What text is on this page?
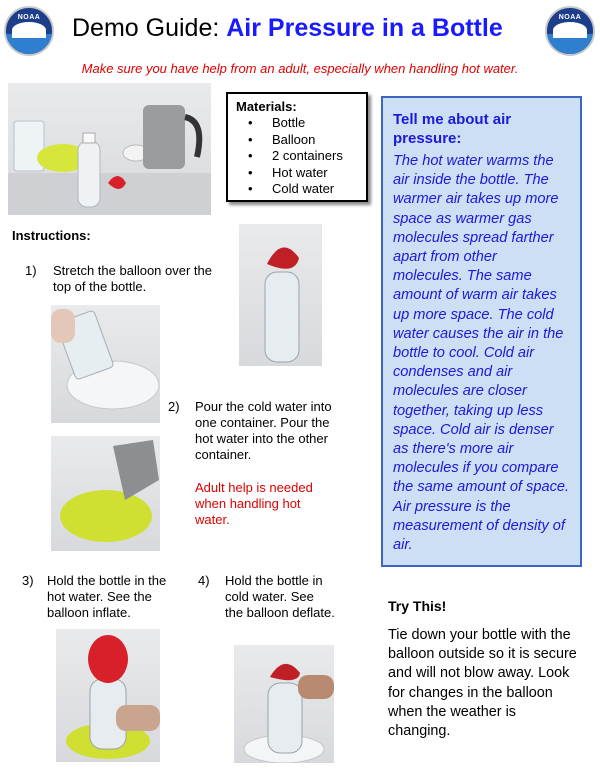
NOAA	NOAA
Demo Guide: Air Pressure in a Bottle
Make sure you have help from an adult, especially when handling hot water.
Materials:
• Bottle
• Balloon
• 2 containers
• Hot water
• Cold water
Tell me about air pressure:
The hot water warms the air inside the bottle. The warmer air takes up more space as warmer gas molecules spread farther apart from other molecules. The same amount of warm air takes up more space. The cold water causes the air in the bottle to cool. Cold air condenses and air molecules are closer together, taking up less space. Cold air is denser as there's more air molecules if you compare the same amount of space. Air pressure is the measurement of density of air.
Instructions:
1) Stretch the balloon over the top of the bottle.
2) Pour the cold water into one container. Pour the hot water into the other container.
Adult help is needed when handling hot water.
3) Hold the bottle in the hot water. See the balloon inflate.
4) Hold the bottle in cold water. See the balloon deflate.	Try This!
Tie down your bottle with the balloon outside so it is secure and will not blow away. Look for changes in the balloon when the weather is changing.
